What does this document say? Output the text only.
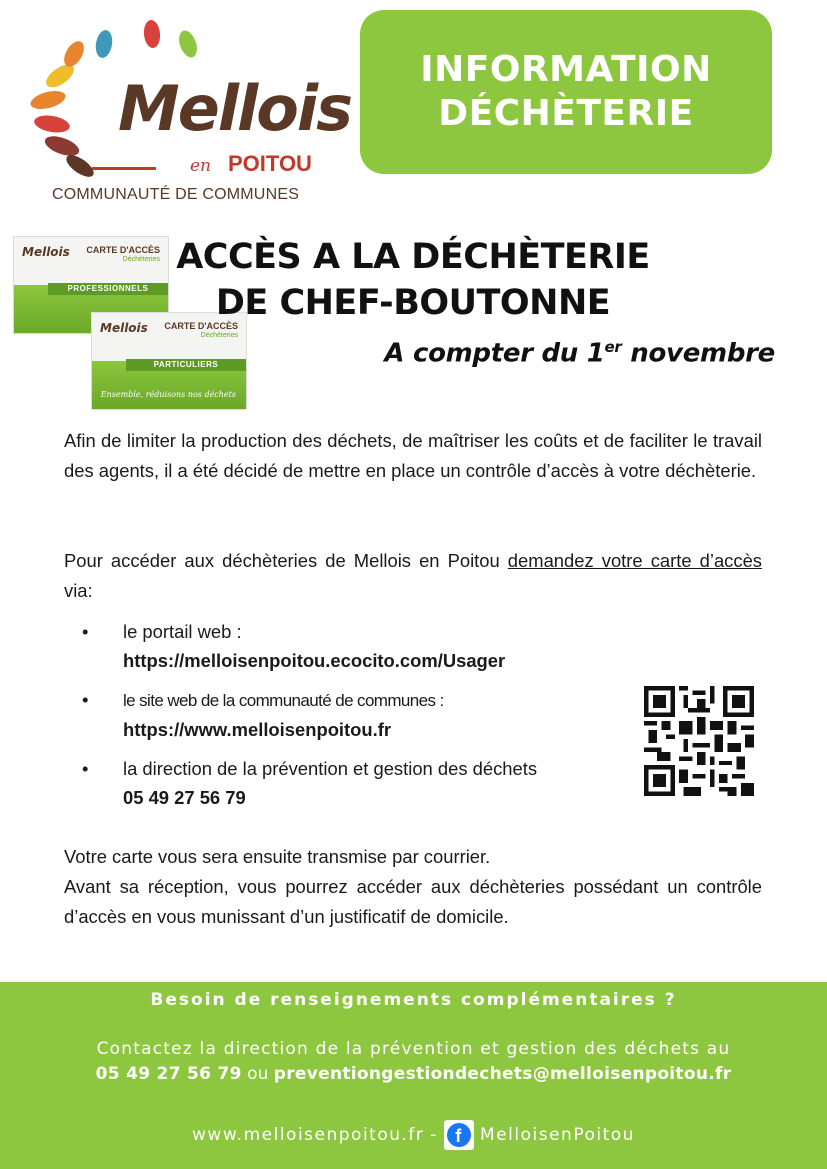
Mellois
en POITOU
COMMUNAUTÉ DE COMMUNES
INFORMATION
DÉCHÈTERIE
Mellois CARTE D'ACCÈS
Déchèteries
PROFESSIONNELS
Mellois CARTE D'ACCÈS
Déchèteries
PARTICULIERS
Ensemble, réduisons nos déchets
ACCÈS A LA DÉCHÈTERIE
DE CHEF-BOUTONNE
A compter du 1er novembre

Afin de limiter la production des déchets, de maîtriser les coûts et de faciliter le travail des agents, il a été décidé de mettre en place un contrôle d’accès à votre déchèterie.

Pour accéder aux déchèteries de Mellois en Poitou demandez votre carte d’accès via:

• le portail web :
https://melloisenpoitou.ecocito.com/Usager
• le site web de la communauté de communes :
https://www.melloisenpoitou.fr
• la direction de la prévention et gestion des déchets
05 49 27 56 79

Votre carte vous sera ensuite transmise par courrier.
Avant sa réception, vous pourrez accéder aux déchèteries possédant un contrôle d’accès en vous munissant d’un justificatif de domicile.

Besoin de renseignements complémentaires ?
Contactez la direction de la prévention et gestion des déchets au
05 49 27 56 79 ou preventiongestiondechets@melloisenpoitou.fr
www.melloisenpoitou.fr - f	MelloisenPoitou
